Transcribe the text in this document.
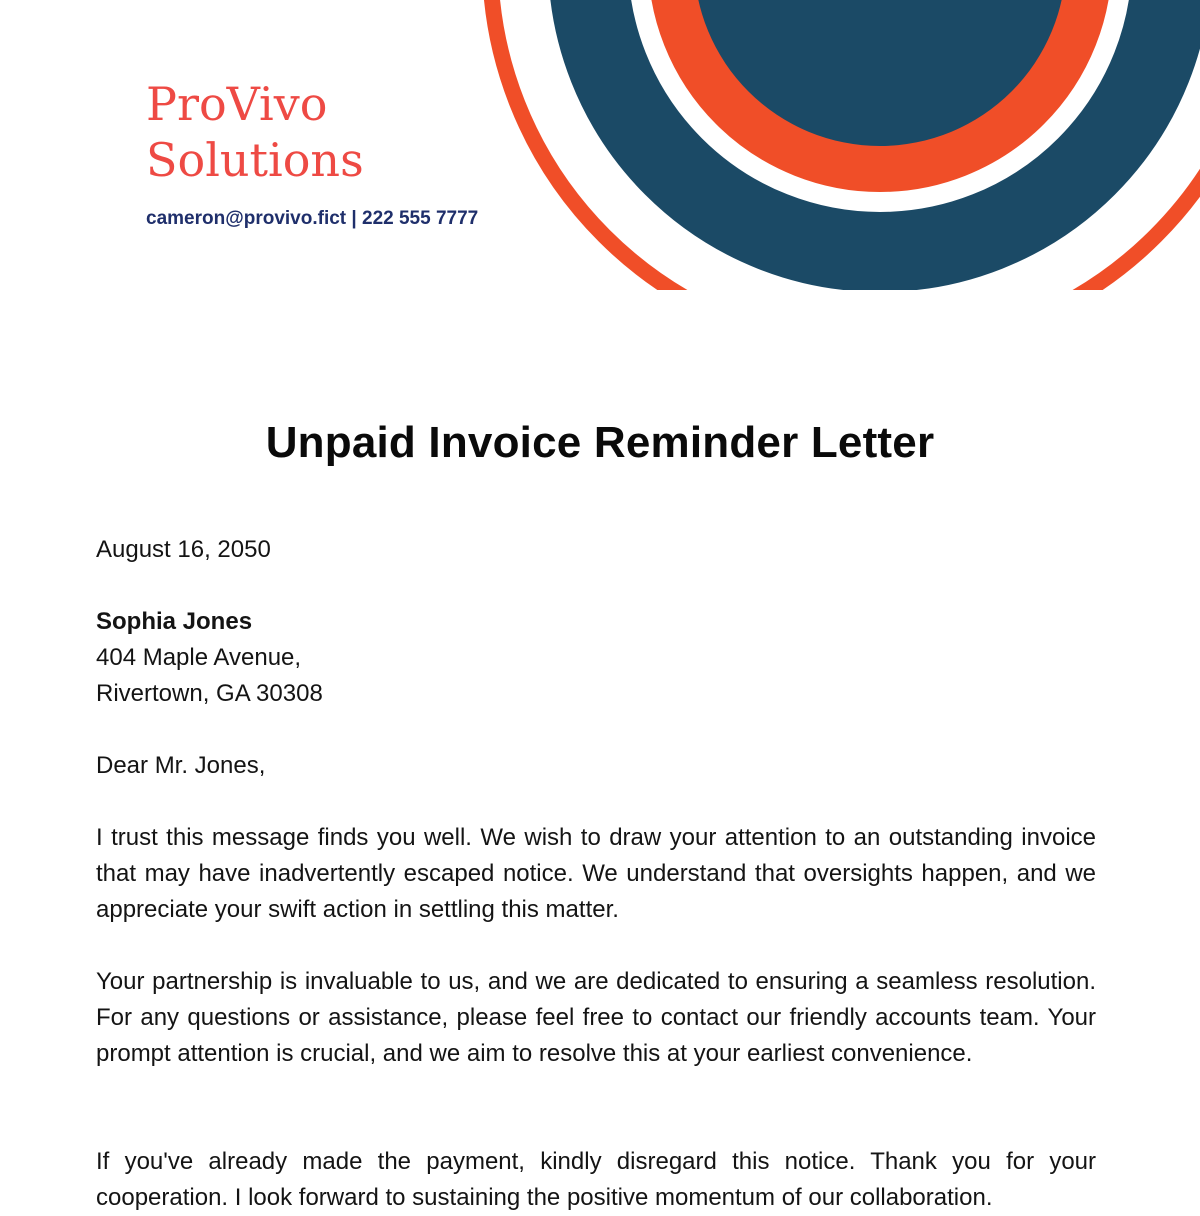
ProVivo
Solutions
cameron@provivo.fict | 222 555 7777
Unpaid Invoice Reminder Letter
August 16, 2050
Sophia Jones
404 Maple Avenue,
Rivertown, GA 30308
Dear Mr. Jones,

I trust this message finds you well. We wish to draw your attention to an outstanding invoice that may have inadvertently escaped notice. We understand that oversights happen, and we appreciate your swift action in settling this matter.

Your partnership is invaluable to us, and we are dedicated to ensuring a seamless resolution. For any questions or assistance, please feel free to contact our friendly accounts team. Your prompt attention is crucial, and we aim to resolve this at your earliest convenience.

If you've already made the payment, kindly disregard this notice. Thank you for your cooperation. I look forward to sustaining the positive momentum of our collaboration.
